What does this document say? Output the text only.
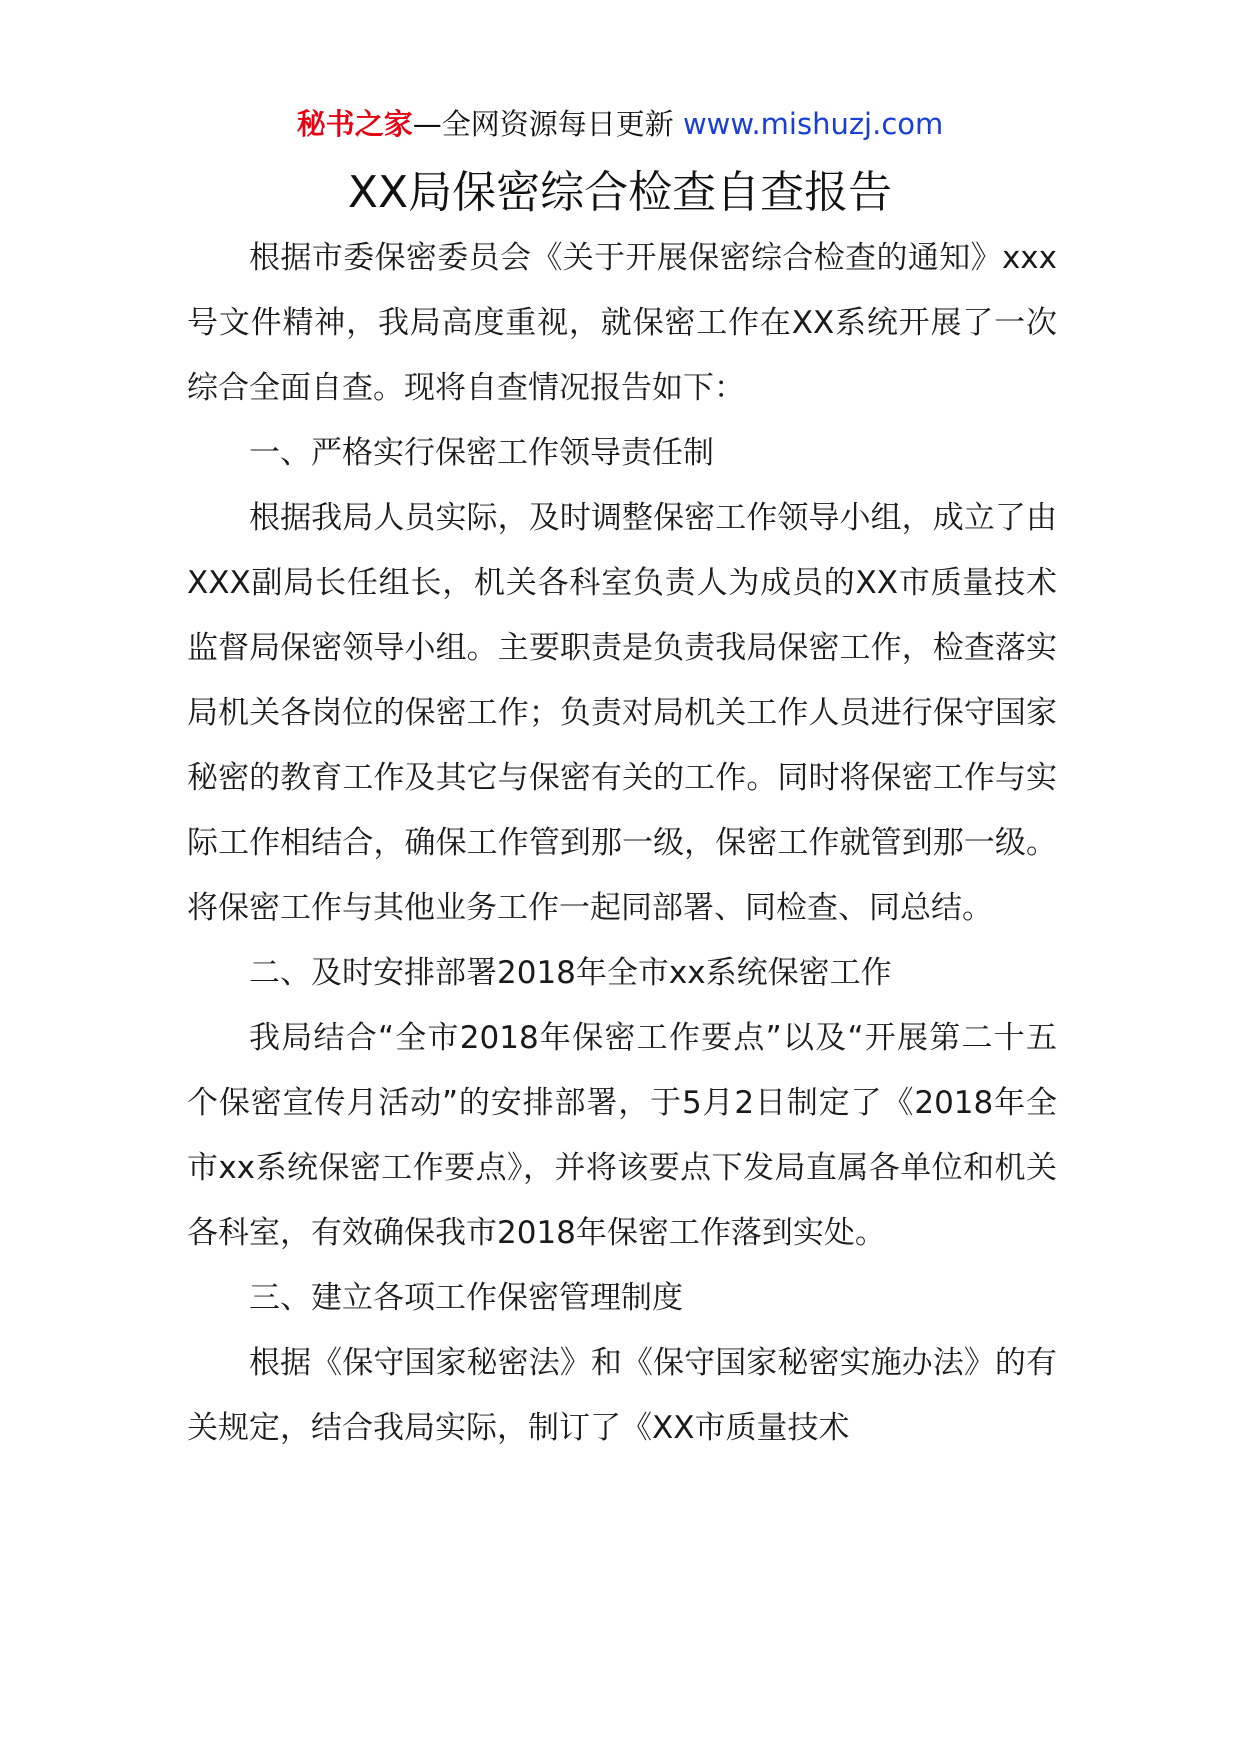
秘书之家—全网资源每日更新 www.mishuzj.com
XX局保密综合检查自查报告

根据市委保密委员会《关于开展保密综合检查的通知》xxx号文件精神，我局高度重视，就保密工作在XX系统开展了一次综合全面自查。现将自查情况报告如下：

一、严格实行保密工作领导责任制

根据我局人员实际，及时调整保密工作领导小组，成立了由XXX副局长任组长，机关各科室负责人为成员的XX市质量技术监督局保密领导小组。主要职责是负责我局保密工作，检查落实局机关各岗位的保密工作；负责对局机关工作人员进行保守国家秘密的教育工作及其它与保密有关的工作。同时将保密工作与实际工作相结合，确保工作管到那一级，保密工作就管到那一级。将保密工作与其他业务工作一起同部署、同检查、同总结。

二、及时安排部署2018年全市xx系统保密工作

我局结合“全市2018年保密工作要点”以及“开展第二十五个保密宣传月活动”的安排部署，于5月2日制定了《2018年全市xx系统保密工作要点》，并将该要点下发局直属各单位和机关各科室，有效确保我市2018年保密工作落到实处。

三、建立各项工作保密管理制度

根据《保守国家秘密法》和《保守国家秘密实施办法》的有关规定，结合我局实际，制订了《XX市质量技术
